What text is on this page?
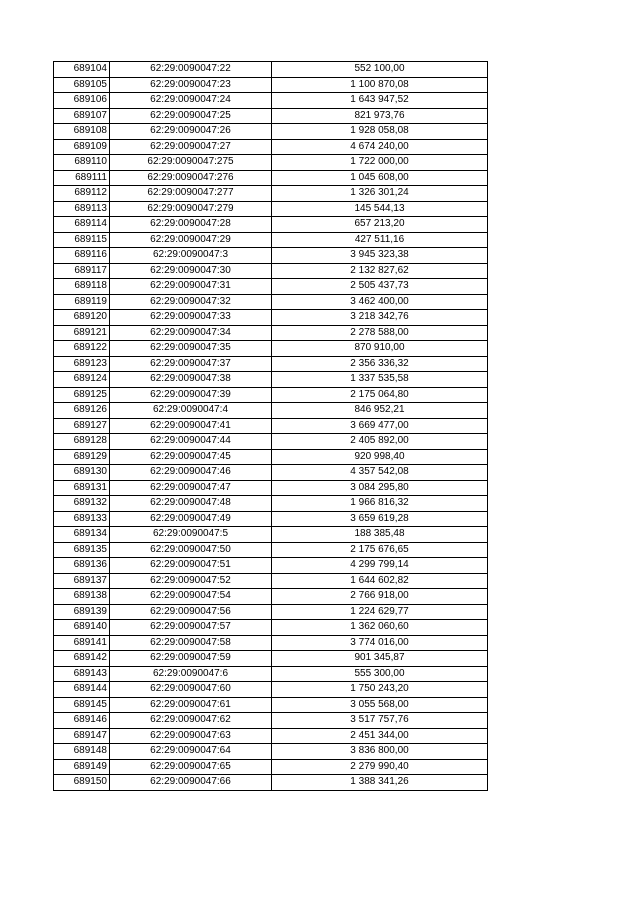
689104	62:29:0090047:22	552 100,00
689105	62:29:0090047:23	1 100 870,08
689106	62:29:0090047:24	1 643 947,52
689107	62:29:0090047:25	821 973,76
689108	62:29:0090047:26	1 928 058,08
689109	62:29:0090047:27	4 674 240,00
689110	62:29:0090047:275	1 722 000,00
689111	62:29:0090047:276	1 045 608,00
689112	62:29:0090047:277	1 326 301,24
689113	62:29:0090047:279	145 544,13
689114	62:29:0090047:28	657 213,20
689115	62:29:0090047:29	427 511,16
689116	62:29:0090047:3	3 945 323,38
689117	62:29:0090047:30	2 132 827,62
689118	62:29:0090047:31	2 505 437,73
689119	62:29:0090047:32	3 462 400,00
689120	62:29:0090047:33	3 218 342,76
689121	62:29:0090047:34	2 278 588,00
689122	62:29:0090047:35	870 910,00
689123	62:29:0090047:37	2 356 336,32
689124	62:29:0090047:38	1 337 535,58
689125	62:29:0090047:39	2 175 064,80
689126	62:29:0090047:4	846 952,21
689127	62:29:0090047:41	3 669 477,00
689128	62:29:0090047:44	2 405 892,00
689129	62:29:0090047:45	920 998,40
689130	62:29:0090047:46	4 357 542,08
689131	62:29:0090047:47	3 084 295,80
689132	62:29:0090047:48	1 966 816,32
689133	62:29:0090047:49	3 659 619,28
689134	62:29:0090047:5	188 385,48
689135	62:29:0090047:50	2 175 676,65
689136	62:29:0090047:51	4 299 799,14
689137	62:29:0090047:52	1 644 602,82
689138	62:29:0090047:54	2 766 918,00
689139	62:29:0090047:56	1 224 629,77
689140	62:29:0090047:57	1 362 060,60
689141	62:29:0090047:58	3 774 016,00
689142	62:29:0090047:59	901 345,87
689143	62:29:0090047:6	555 300,00
689144	62:29:0090047:60	1 750 243,20
689145	62:29:0090047:61	3 055 568,00
689146	62:29:0090047:62	3 517 757,76
689147	62:29:0090047:63	2 451 344,00
689148	62:29:0090047:64	3 836 800,00
689149	62:29:0090047:65	2 279 990,40
689150	62:29:0090047:66	1 388 341,26
